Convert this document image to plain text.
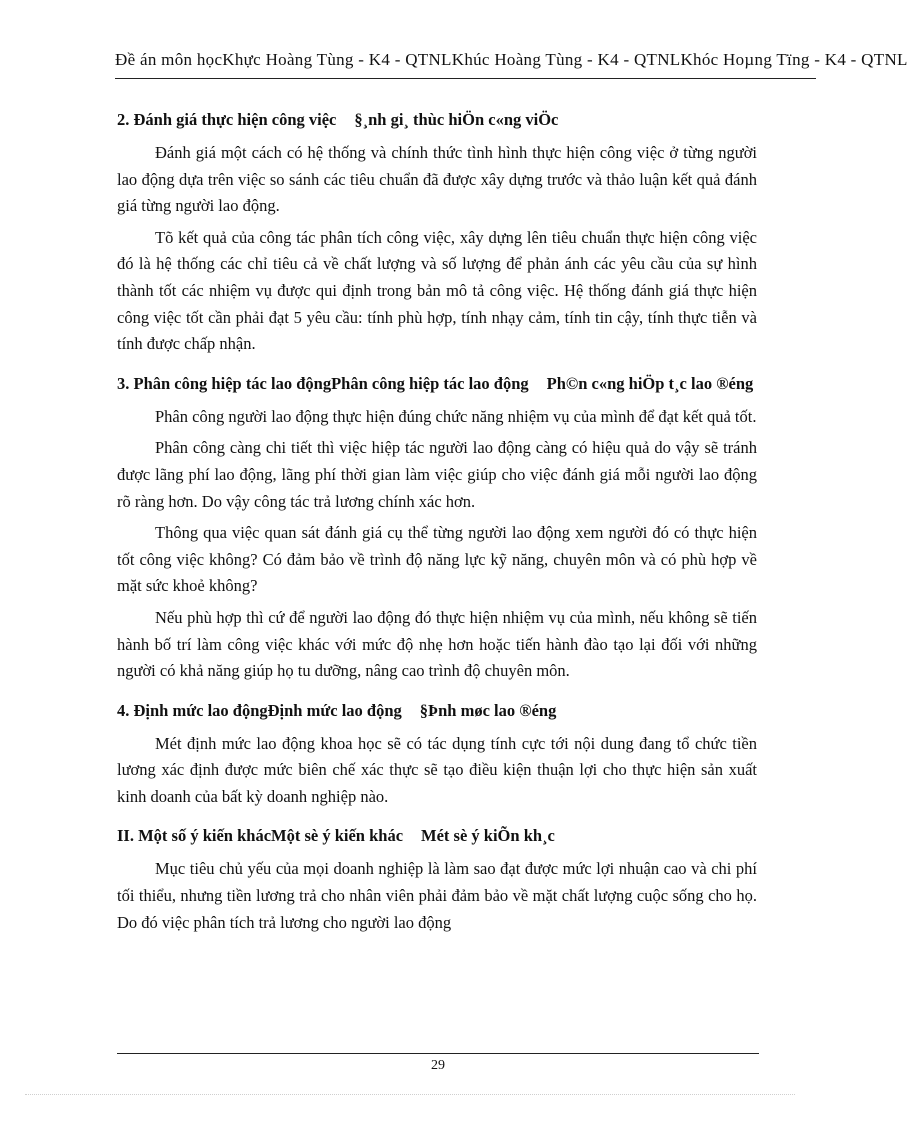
Đề án môn họcKhực Hoàng Tùng - K4 - QTNLKhúc Hoàng Tùng - K4 - QTNLKhóc Hoµng Tïng - K4 - QTNL
2. Đánh giá thực hiện công việc §¸nh gi¸ thùc hiÖn c«ng viÖc

Đánh giá một cách có hệ thống và chính thức tình hình thực hiện công việc ở từng người lao động dựa trên việc so sánh các tiêu chuẩn đã được xây dựng trước và thảo luận kết quả đánh giá từng người lao động.

Tõ kết quả của công tác phân tích công việc, xây dựng lên tiêu chuẩn thực hiện công việc đó là hệ thống các chỉ tiêu cả về chất lượng và số lượng để phản ánh các yêu cầu của sự hình thành tốt các nhiệm vụ được qui định trong bản mô tả công việc. Hệ thống đánh giá thực hiện công việc tốt cần phải đạt 5 yêu cầu: tính phù hợp, tính nhạy cảm, tính tin cậy, tính thực tiễn và tính được chấp nhận.

3. Phân công hiệp tác lao độngPhân công hiệp tác lao động Ph©n c«ng hiÖp t¸c lao ®éng

Phân công người lao động thực hiện đúng chức năng nhiệm vụ của mình để đạt kết quả tốt.

Phân công càng chi tiết thì việc hiệp tác người lao động càng có hiệu quả do vậy sẽ tránh được lãng phí lao động, lãng phí thời gian làm việc giúp cho việc đánh giá mỗi người lao động rõ ràng hơn. Do vậy công tác trả lương chính xác hơn.

Thông qua việc quan sát đánh giá cụ thể từng người lao động xem người đó có thực hiện tốt công việc không? Có đảm bảo về trình độ năng lực kỹ năng, chuyên môn và có phù hợp về mặt sức khoẻ không?

Nếu phù hợp thì cứ để người lao động đó thực hiện nhiệm vụ của mình, nếu không sẽ tiến hành bố trí làm công việc khác với mức độ nhẹ hơn hoặc tiến hành đào tạo lại đối với những người có khả năng giúp họ tu dưỡng, nâng cao trình độ chuyên môn.

4. Định mức lao độngĐịnh mức lao động §Þnh møc lao ®éng

Mét định mức lao động khoa học sẽ có tác dụng tính cực tới nội dung đang tổ chức tiền lương xác định được mức biên chế xác thực sẽ tạo điều kiện thuận lợi cho thực hiện sản xuất kinh doanh của bất kỳ doanh nghiệp nào.

II. Một số ý kiến khácMột sè ý kiến khác Mét sè ý kiÕn kh¸c

Mục tiêu chủ yếu của mọi doanh nghiệp là làm sao đạt được mức lợi nhuận cao và chi phí tối thiểu, nhưng tiền lương trả cho nhân viên phải đảm bảo về mặt chất lượng cuộc sống cho họ. Do đó việc phân tích trả lương cho người lao động

29
